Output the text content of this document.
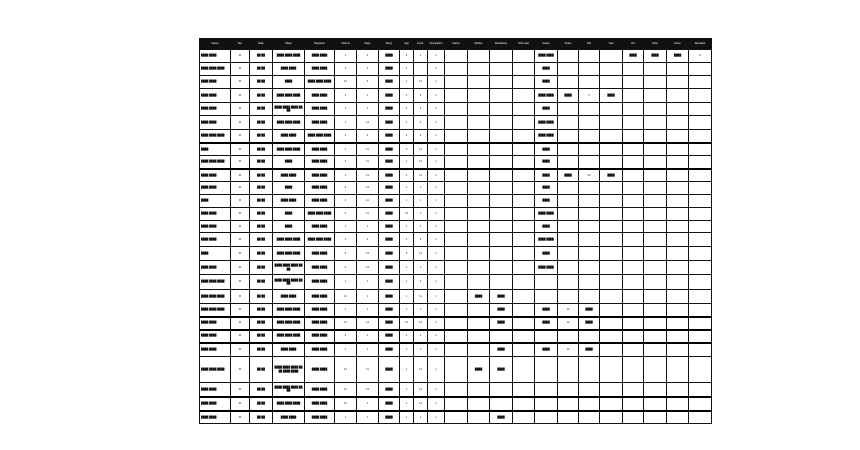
Name	Sex	Date	Place	Registrar	Volume	Page	Entry	Age	Cond.	Occupation	Father	Mother	Residence	Informant	Cause	Notes	Ref	Year	Vol.	Folio	Extra	Remarks
████ ████	M	██/██	████ ████ ████	████ ████	1	4	████	3	1	1					████ ████				████	████	████	8
████ ████ ████	M	██/██	████ ████	████ ████	2	4	████	1		1					████							
████ ████	M	██/██	████	████ ████ ████	13	4	████	1	11	1					████							
████ ████	M	██/██	████ ████ ████	████ ████	2	1	████	1	3	1					████ ████	████	3	████				
████ ████	M	██/██	████ ████ ████ ████	████ ████	1	1	████	2	3	1					████							
████ ████	M	██/██	████ ████ ████	████ ████	1	14	████	2	4	1					████ ████							
████ ████ ████	M	██/██	████ ████	████ ████ ████	2	4	████	2	2	1					████ ████							
████	M	██/██	████ ████ ████	████ ████	1	11	████	2	11	1					████							
████ ████ ████	M	██/██	████	████ ████	2	11	████	1	11	1					████							
████ ████	M	██/██	████ ████	████ ████	1	13	████	1	11	1					████	████	14	████				
████ ████	M	██/██	████	████ ████	3	13	████	1	1	1					████							
████	M	██/██	████ ████	████ ████	4	11	████	1	1	1					████							
████ ████	M	██/██	████	████ ████ ████	4	11	████	13	1	1					████ ████							
████ ████	M	██/██	████	████ ████	1	1	████	1	1	1					████							
████ ████	M	██/██	████ ████ ████	████ ████ ████	1	4	████	1	2	1					████ ████							
████	M	██/██	████ ████ ████	████ ████	3	13	████	3	11	1					████							
████ ████	M	██/██	████ ████ ████ ████	████ ████	2	13	████	1	1	1					████ ████							
████ ████ ████	M	██/██	████ ████ ████ ████	████ ████	1	1	████	1	2	1												
████ ████ ████	M	██/██	████ ████	████ ████	13	1	████	1	11	1		████	████									
████ ████ ████	M	██/██	████ ████ ████	████ ████	1	1	████	1	1	1			████		████	12	████					
████ ████	M	██/██	████ ████ ████	████ ████	11	14	████	13	11	1			████		████	12	████					
████ ████	M	██/██	████ ████ ████	████ ████	3	1	████	1	1	1												
████ ████	M	██/██	████ ████	████ ████	1	1	████	1	1	1			████		████	12	████					
████ ████ ████	M	██/██	████ ████ ████ ████ ████ ████	████ ████	13	11	████	1	11	1		████	████									
████ ████	M	██/██	████ ████ ████ ████	████ ████	11	13	████	1	11	1												
████ ████	M	██/██	████ ████ ████	████ ████	11	1	████	1	11	1												
████ ████	M	██/██	████ ████	████ ████	1	1	████	1	1	1			████									
